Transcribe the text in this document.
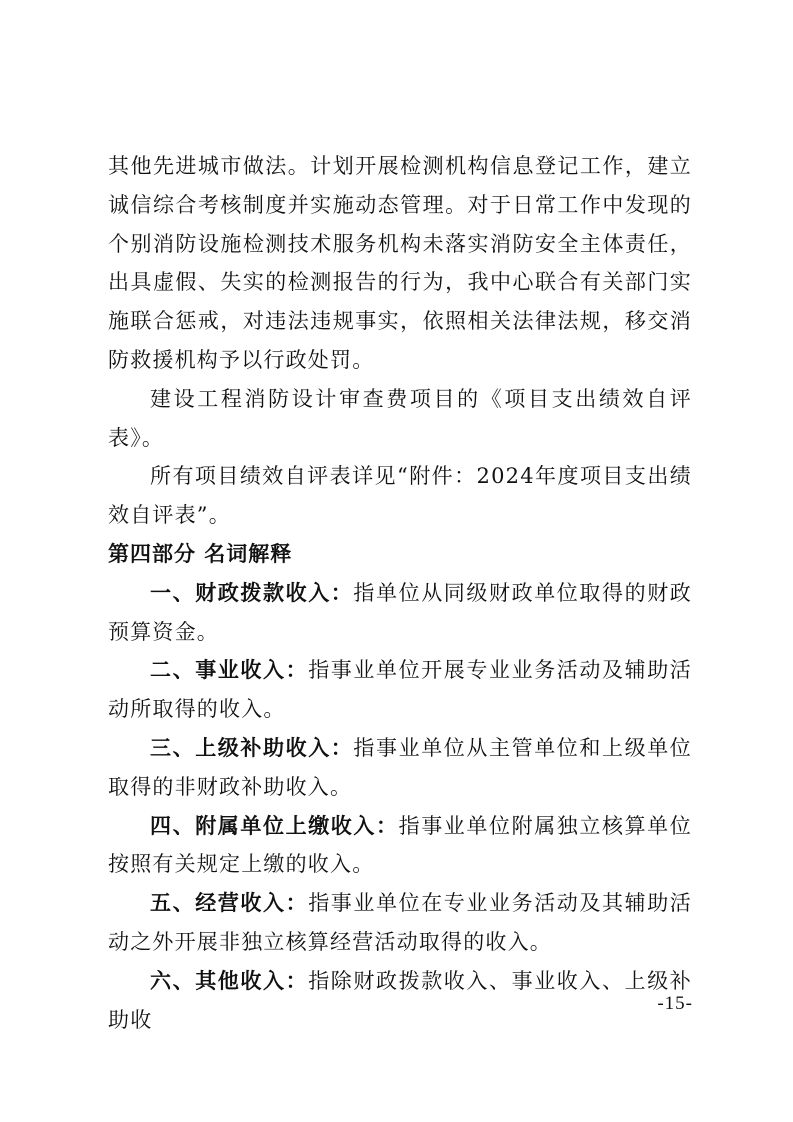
其他先进城市做法。计划开展检测机构信息登记工作，建立诚信综合考核制度并实施动态管理。对于日常工作中发现的个别消防设施检测技术服务机构未落实消防安全主体责任，出具虚假、失实的检测报告的行为，我中心联合有关部门实施联合惩戒，对违法违规事实，依照相关法律法规，移交消防救援机构予以行政处罚。

建设工程消防设计审查费项目的《项目支出绩效自评表》。

所有项目绩效自评表详见“附件：2024年度项目支出绩效自评表”。

第四部分 名词解释

一、财政拨款收入：指单位从同级财政单位取得的财政预算资金。

二、事业收入：指事业单位开展专业业务活动及辅助活动所取得的收入。

三、上级补助收入：指事业单位从主管单位和上级单位取得的非财政补助收入。

四、附属单位上缴收入：指事业单位附属独立核算单位按照有关规定上缴的收入。

五、经营收入：指事业单位在专业业务活动及其辅助活动之外开展非独立核算经营活动取得的收入。

六、其他收入：指除财政拨款收入、事业收入、上级补助收

-15-
